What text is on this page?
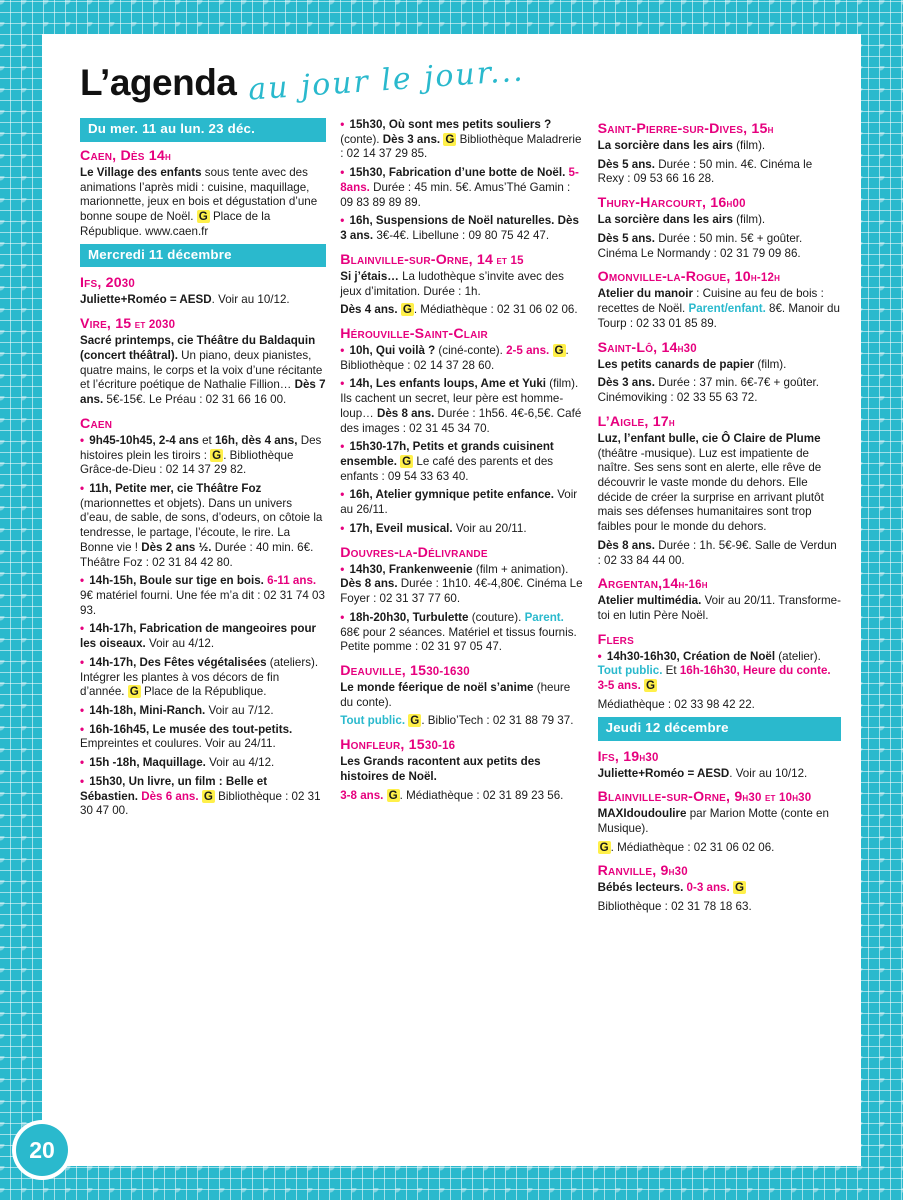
20
L’agenda au jour le jour...
Du mer. 11 au lun. 23 déc.
Caen, Dès 14h
Le Village des enfants sous tente avec des animations l’après midi : cuisine, maquillage, marionnette, jeux en bois et dégustation d’une bonne soupe de Noël. G Place de la République. www.caen.fr
Mercredi 11 décembre
Ifs, 2030
Juliette+Roméo = AESD. Voir au 10/12.
Vire, 15 et 2030
Sacré printemps, cie Théâtre du Baldaquin (concert théâtral). Un piano, deux pianistes, quatre mains, le corps et la voix d’une récitante et l’écriture poétique de Nathalie Fillion… Dès 7 ans. 5€-15€. Le Préau : 02 31 66 16 00.
Caen
• 9h45-10h45, 2-4 ans et 16h, dès 4 ans, Des histoires plein les tiroirs : G . Bibliothèque Grâce-de-Dieu : 02 14 37 29 82.
• 11h, Petite mer, cie Théâtre Foz (marionnettes et objets). Dans un univers d’eau, de sable, de sons, d’odeurs, on côtoie la tendresse, le partage, l’écoute, le rire. La Bonne vie ! Dès 2 ans ½. Durée : 40 min. 6€. Théâtre Foz : 02 31 84 42 80.
• 14h-15h, Boule sur tige en bois. 6-11 ans. 9€ matériel fourni. Une fée m’a dit : 02 31 74 03 93.
• 14h-17h, Fabrication de mangeoires pour les oiseaux. Voir au 4/12.
• 14h-17h, Des Fêtes végétalisées (ateliers). Intégrer les plantes à vos décors de fin d’année. G Place de la République.
• 14h-18h, Mini-Ranch. Voir au 7/12.
• 16h-16h45, Le musée des tout-petits. Empreintes et coulures. Voir au 24/11.
• 15h -18h, Maquillage. Voir au 4/12.
• 15h30, Un livre, un film : Belle et Sébastien. Dès 6 ans. G Bibliothèque : 02 31 30 47 00.
• 15h30, Où sont mes petits souliers ? (conte). Dès 3 ans. G Bibliothèque Maladrerie : 02 14 37 29 85.
• 15h30, Fabrication d’une botte de Noël. 5-8ans. Durée : 45 min. 5€. Amus’Thé Gamin : 09 83 89 89 89.
• 16h, Suspensions de Noël naturelles. Dès 3 ans. 3€-4€. Libellune : 09 80 75 42 47.
Blainville-sur-Orne, 14 et 15
Si j’étais… La ludothèque s’invite avec des jeux d’imitation. Durée : 1h.
Dès 4 ans. G . Médiathèque : 02 31 06 02 06.
Hérouville-Saint-Clair
• 10h, Qui voilà ? (ciné-conte). 2-5 ans. G . Bibliothèque : 02 14 37 28 60.
• 14h, Les enfants loups, Ame et Yuki (film). Ils cachent un secret, leur père est homme-loup… Dès 8 ans. Durée : 1h56. 4€-6,5€. Café des images : 02 31 45 34 70.
• 15h30-17h, Petits et grands cuisinent ensemble. G Le café des parents et des enfants : 09 54 33 63 40.
• 16h, Atelier gymnique petite enfance. Voir au 26/11.
• 17h, Eveil musical. Voir au 20/11.
Douvres-la-Délivrande
• 14h30, Frankenweenie (film + animation). Dès 8 ans. Durée : 1h10. 4€-4,80€. Cinéma Le Foyer : 02 31 37 77 60.
• 18h-20h30, Turbulette (couture). Parent. 68€ pour 2 séances. Matériel et tissus fournis. Petite pomme : 02 31 97 05 47.
Deauville, 1530-1630
Le monde féerique de noël s’anime (heure du conte).
Tout public. G . Biblio’Tech : 02 31 88 79 37.
Honfleur, 1530-16
Les Grands racontent aux petits des histoires de Noël.
3-8 ans. G . Médiathèque : 02 31 89 23 56.
Saint-Pierre-sur-Dives, 15h
La sorcière dans les airs (film).
Dès 5 ans. Durée : 50 min. 4€. Cinéma le Rexy : 09 53 66 16 28.
Thury-Harcourt, 16h00
La sorcière dans les airs (film).
Dès 5 ans. Durée : 50 min. 5€ + goûter. Cinéma Le Normandy : 02 31 79 09 86.
Omonville-la-Rogue, 10h-12h
Atelier du manoir : Cuisine au feu de bois : recettes de Noël. Parent/enfant. 8€. Manoir du Tourp : 02 33 01 85 89.
Saint-Lô, 14h30
Les petits canards de papier (film).
Dès 3 ans. Durée : 37 min. 6€-7€ + goûter. Cinémoviking : 02 33 55 63 72.
L’Aigle, 17h
Luz, l’enfant bulle, cie Ô Claire de Plume (théâtre -musique). Luz est impatiente de naître. Ses sens sont en alerte, elle rêve de découvrir le vaste monde du dehors. Elle décide de créer la surprise en arrivant plutôt mais ses défenses humanitaires sont trop faibles pour le monde du dehors.
Dès 8 ans. Durée : 1h. 5€-9€. Salle de Verdun : 02 33 84 44 00.
Argentan,14h-16h
Atelier multimédia. Voir au 20/11. Transforme-toi en lutin Père Noël.
Flers
• 14h30-16h30, Création de Noël (atelier). Tout public. Et 16h-16h30, Heure du conte. 3-5 ans. G
Médiathèque : 02 33 98 42 22.
Jeudi 12 décembre
Ifs, 19h30
Juliette+Roméo = AESD. Voir au 10/12.
Blainville-sur-Orne, 9h30 et 10h30
MAXIdoudoulire par Marion Motte (conte en Musique).
G . Médiathèque : 02 31 06 02 06.
Ranville, 9h30
Bébés lecteurs. 0-3 ans. G
Bibliothèque : 02 31 78 18 63.
